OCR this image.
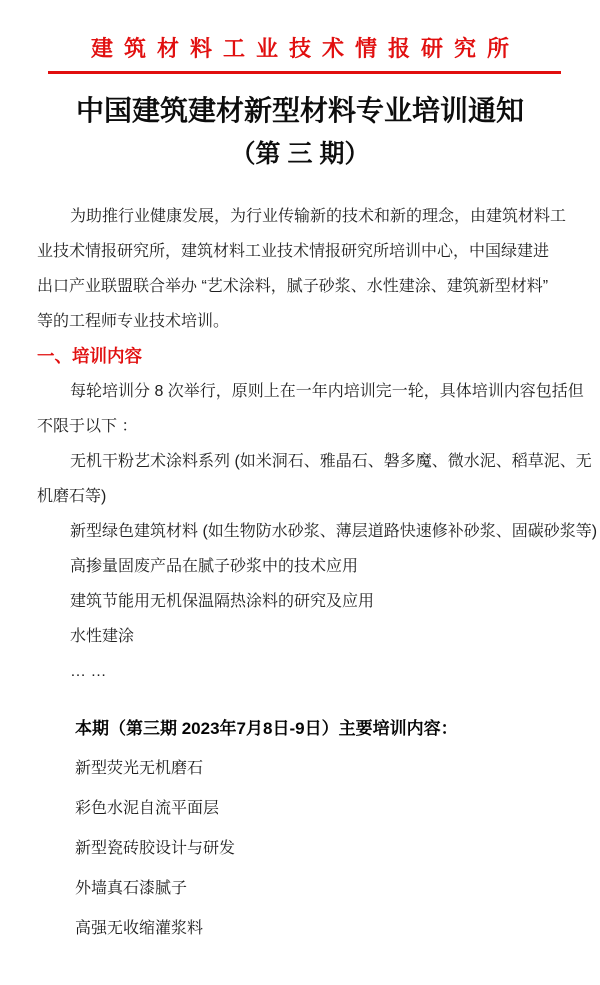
建筑材料工业技术情报研究所
中国建筑建材新型材料专业培训通知
（第 三 期）
为助推行业健康发展，为行业传输新的技术和新的理念，由建筑材料工
业技术情报研究所，建筑材料工业技术情报研究所培训中心，中国绿建进
出口产业联盟联合举办 “艺术涂料，腻子砂浆、水性建涂、建筑新型材料”
等的工程师专业技术培训。
一、培训内容
每轮培训分 8 次举行，原则上在一年内培训完一轮，具体培训内容包括但
不限于以下 ：
无机干粉艺术涂料系列 (如米洞石、雅晶石、磐多魔、微水泥、稻草泥、无
机磨石等)
新型绿色建筑材料 (如生物防水砂浆、薄层道路快速修补砂浆、固碳砂浆等)
高掺量固废产品在腻子砂浆中的技术应用
建筑节能用无机保温隔热涂料的研究及应用
水性建涂
… …
本期（第三期 2023年7月8日-9日）主要培训内容：
新型荧光无机磨石
彩色水泥自流平面层
新型瓷砖胶设计与研发
外墙真石漆腻子
高强无收缩灌浆料
